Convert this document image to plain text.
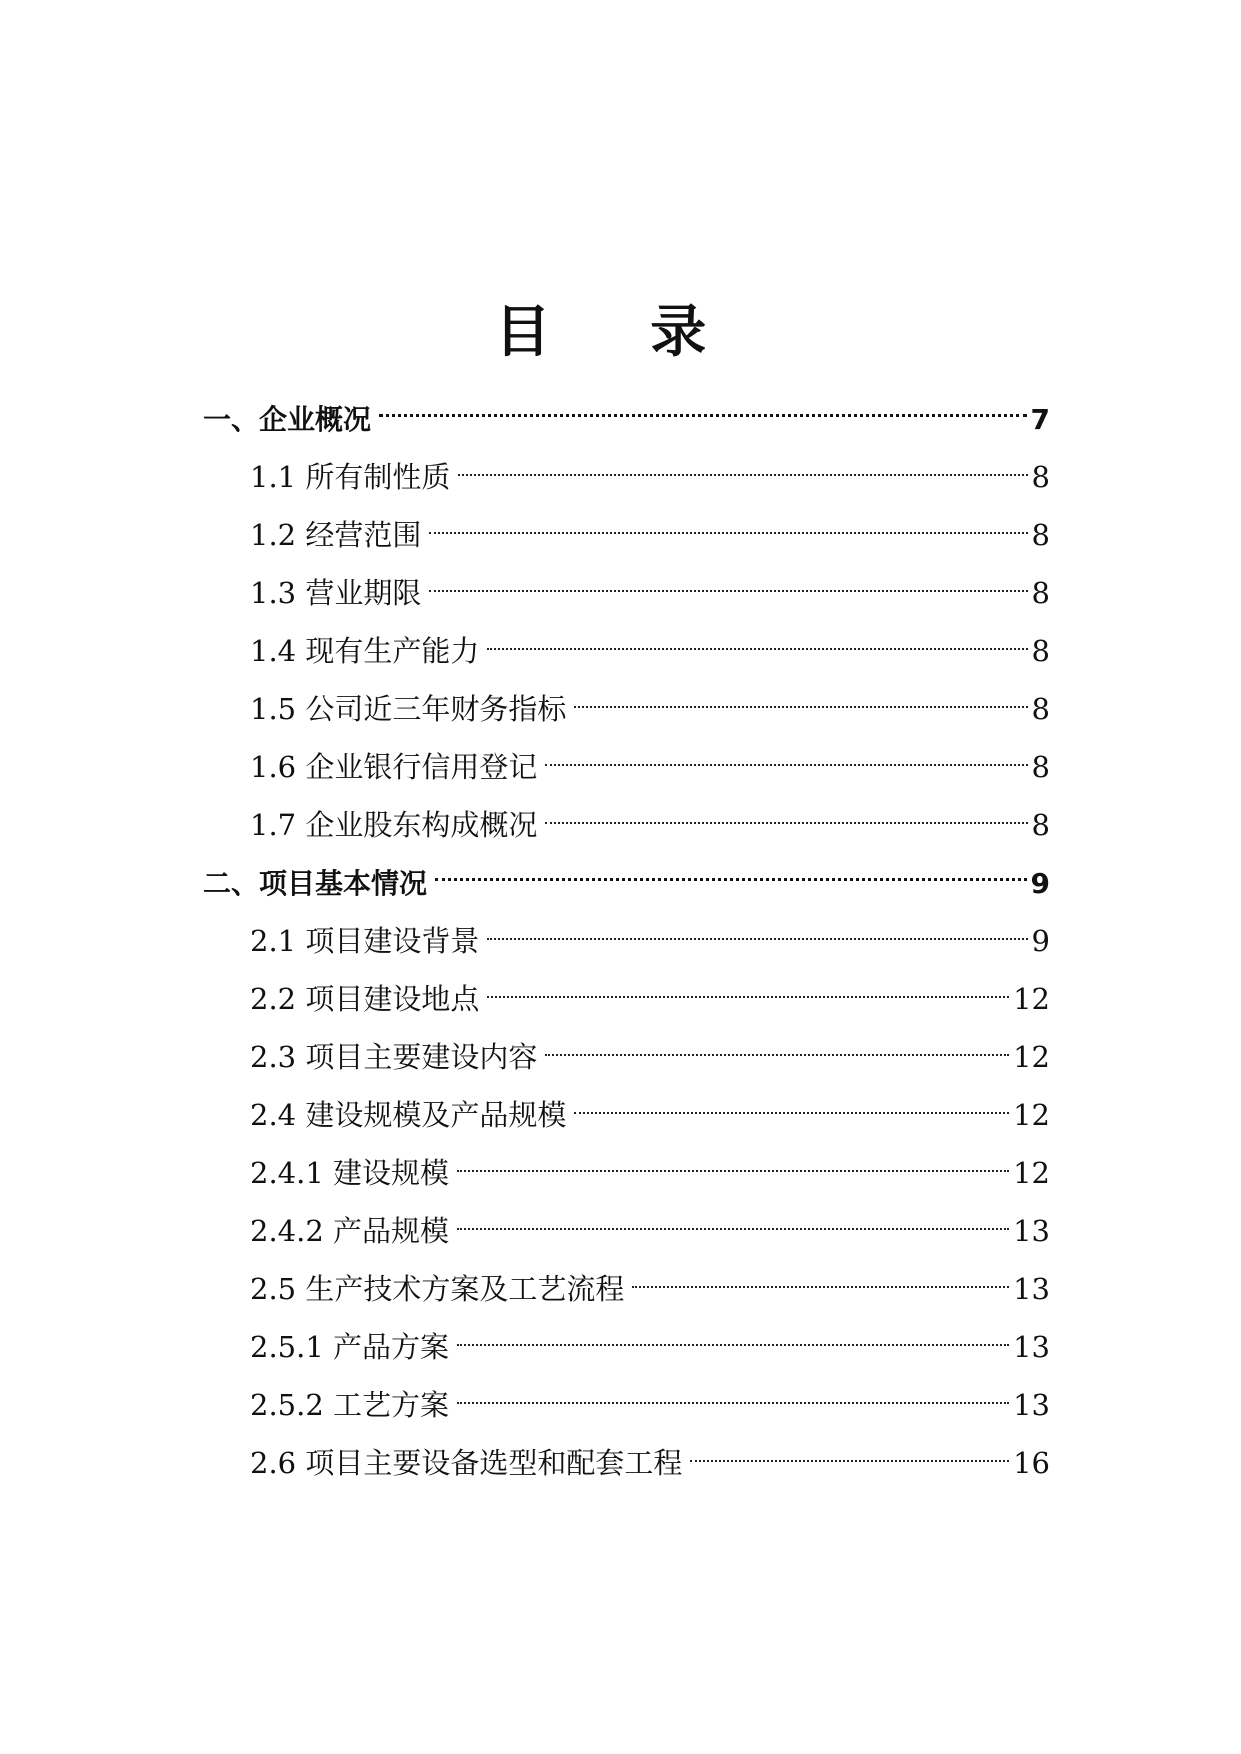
目 录
一、企业概况	7
1.1 所有制性质	8
1.2 经营范围	8
1.3 营业期限	8
1.4 现有生产能力	8
1.5 公司近三年财务指标	8
1.6 企业银行信用登记	8
1.7 企业股东构成概况	8
二、项目基本情况	9
2.1 项目建设背景	9
2.2 项目建设地点	12
2.3 项目主要建设内容	12
2.4 建设规模及产品规模	12
2.4.1 建设规模	12
2.4.2 产品规模	13
2.5 生产技术方案及工艺流程	13
2.5.1 产品方案	13
2.5.2 工艺方案	13
2.6 项目主要设备选型和配套工程	16
